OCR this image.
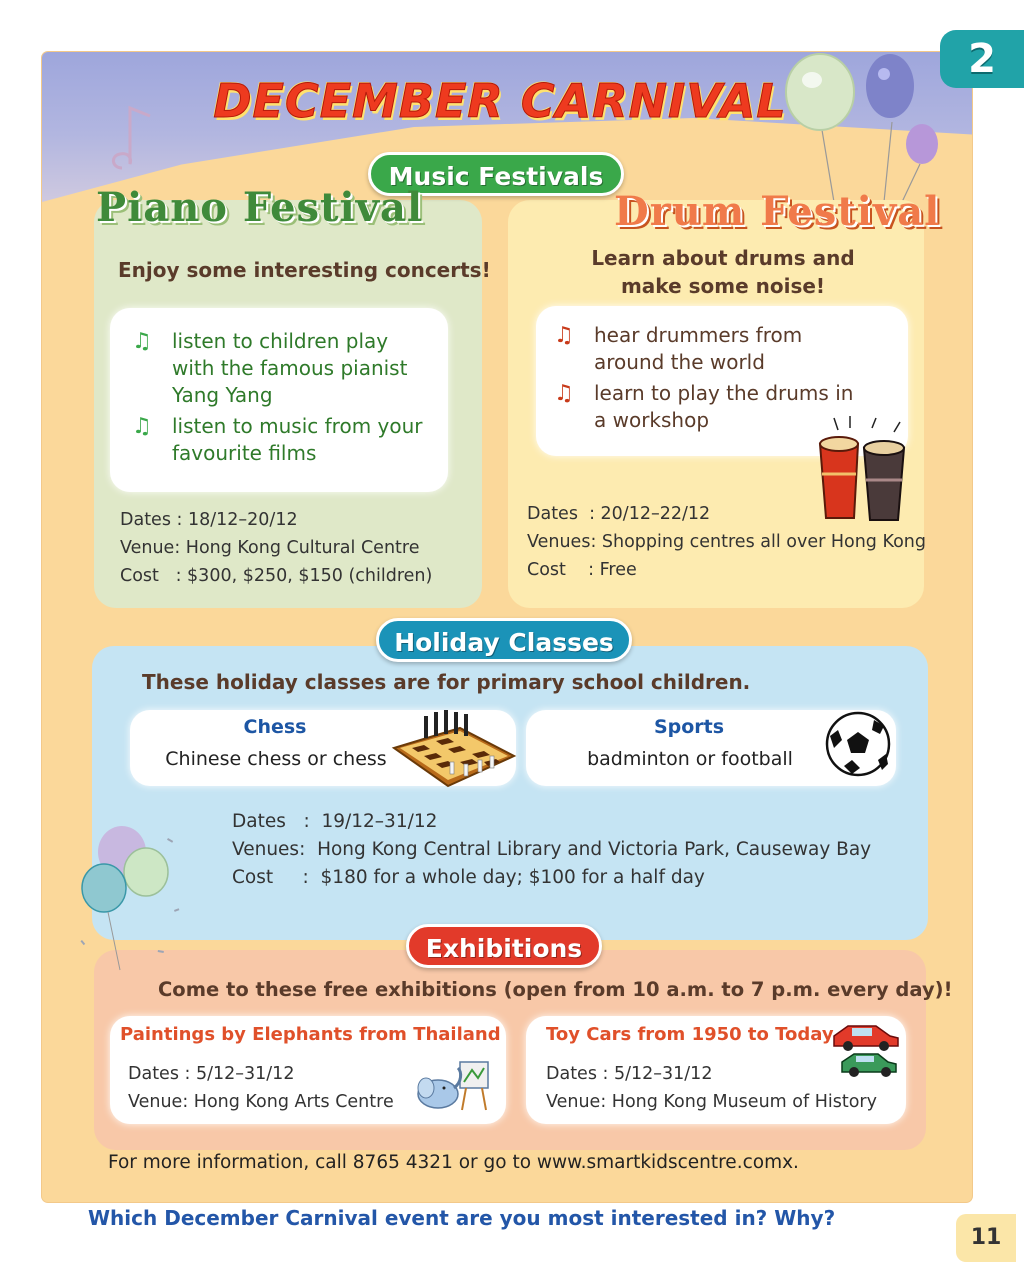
2
DECEMBER CARNIVAL
Music Festivals
Piano Festival
Enjoy some interesting concerts!
♫ listen to children play with the famous pianist Yang Yang
♫ listen to music from your favourite films
Dates : 18/12–20/12
Venue: Hong Kong Cultural Centre
Cost   : $300, $250, $150 (children)
Drum Festival
Learn about drums and make some noise!
♫ hear drummers from around the world
♫ learn to play the drums in a workshop
Dates  : 20/12–22/12
Venues: Shopping centres all over Hong Kong
Cost    : Free
Holiday Classes
These holiday classes are for primary school children.
Chess
Chinese chess or chess
Sports
badminton or football
Dates   :  19/12–31/12
Venues:  Hong Kong Central Library and Victoria Park, Causeway Bay
Cost     :  $180 for a whole day; $100 for a half day
Exhibitions
Come to these free exhibitions (open from 10 a.m. to 7 p.m. every day)!
Paintings by Elephants from Thailand
Dates : 5/12–31/12
Venue: Hong Kong Arts Centre
Toy Cars from 1950 to Today
Dates : 5/12–31/12
Venue: Hong Kong Museum of History
For more information, call 8765 4321 or go to www.smartkidscentre.comx.
Which December Carnival event are you most interested in? Why?
11
